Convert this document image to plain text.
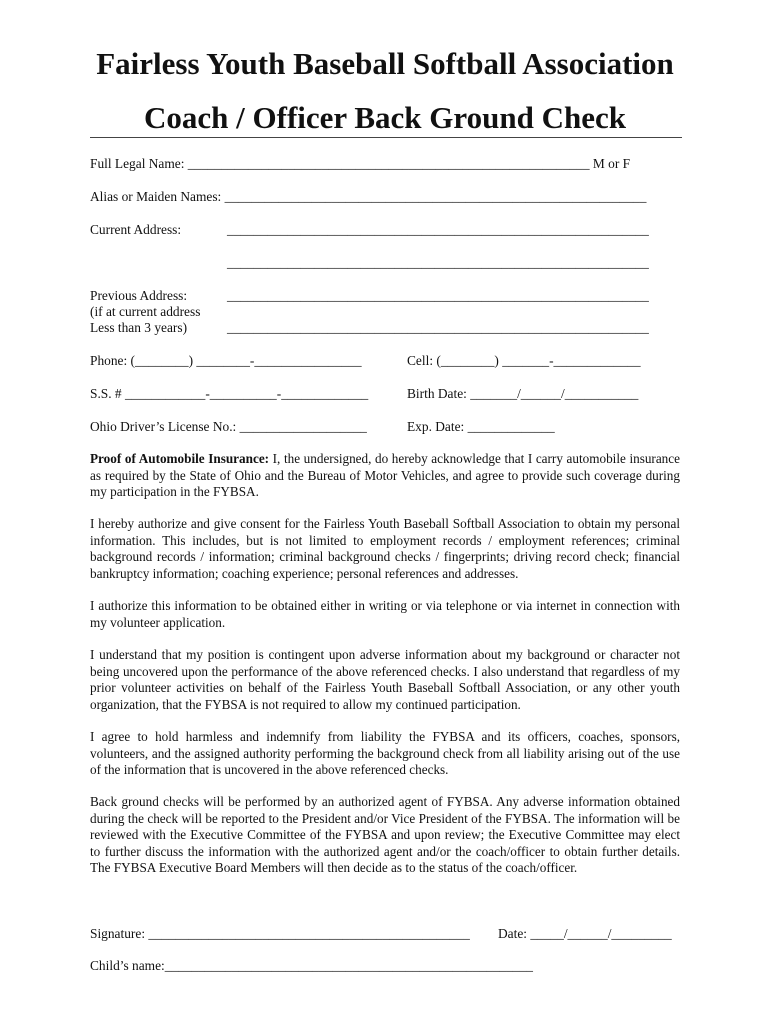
Fairless Youth Baseball Softball Association
Coach / Officer Back Ground Check
Full Legal Name: ____________________________________________________________ M or F
Alias or Maiden Names: _______________________________________________________________
Current Address:	_______________________________________________________________
_______________________________________________________________
Previous Address:
(if at current address
Less than 3 years)
_______________________________________________________________
_______________________________________________________________
Phone: (________) ________-________________	Cell: (________) _______-_____________
S.S. # ____________-__________-_____________	Birth Date: _______/______/___________
Ohio Driver’s License No.: ___________________	Exp. Date: _____________
Proof of Automobile Insurance: I, the undersigned, do hereby acknowledge that I carry automobile insurance as required by the State of Ohio and the Bureau of Motor Vehicles, and agree to provide such coverage during my participation in the FYBSA.
I hereby authorize and give consent for the Fairless Youth Baseball Softball Association to obtain my personal information. This includes, but is not limited to employment records / employment references; criminal background records / information; criminal background checks / fingerprints; driving record check; financial bankruptcy information; coaching experience; personal references and addresses.
I authorize this information to be obtained either in writing or via telephone or via internet in connection with my volunteer application.
I understand that my position is contingent upon adverse information about my background or character not being uncovered upon the performance of the above referenced checks. I also understand that regardless of my prior volunteer activities on behalf of the Fairless Youth Baseball Softball Association, or any other youth organization, that the FYBSA is not required to allow my continued participation.
I agree to hold harmless and indemnify from liability the FYBSA and its officers, coaches, sponsors, volunteers, and the assigned authority performing the background check from all liability arising out of the use of the information that is uncovered in the above referenced checks.
Back ground checks will be performed by an authorized agent of FYBSA. Any adverse information obtained during the check will be reported to the President and/or Vice President of the FYBSA. The information will be reviewed with the Executive Committee of the FYBSA and upon review; the Executive Committee may elect to further discuss the information with the authorized agent and/or the coach/officer to obtain further details. The FYBSA Executive Board Members will then decide as to the status of the coach/officer.
Signature: ________________________________________________ Date: _____/______/_________
Child’s name:_______________________________________________________
